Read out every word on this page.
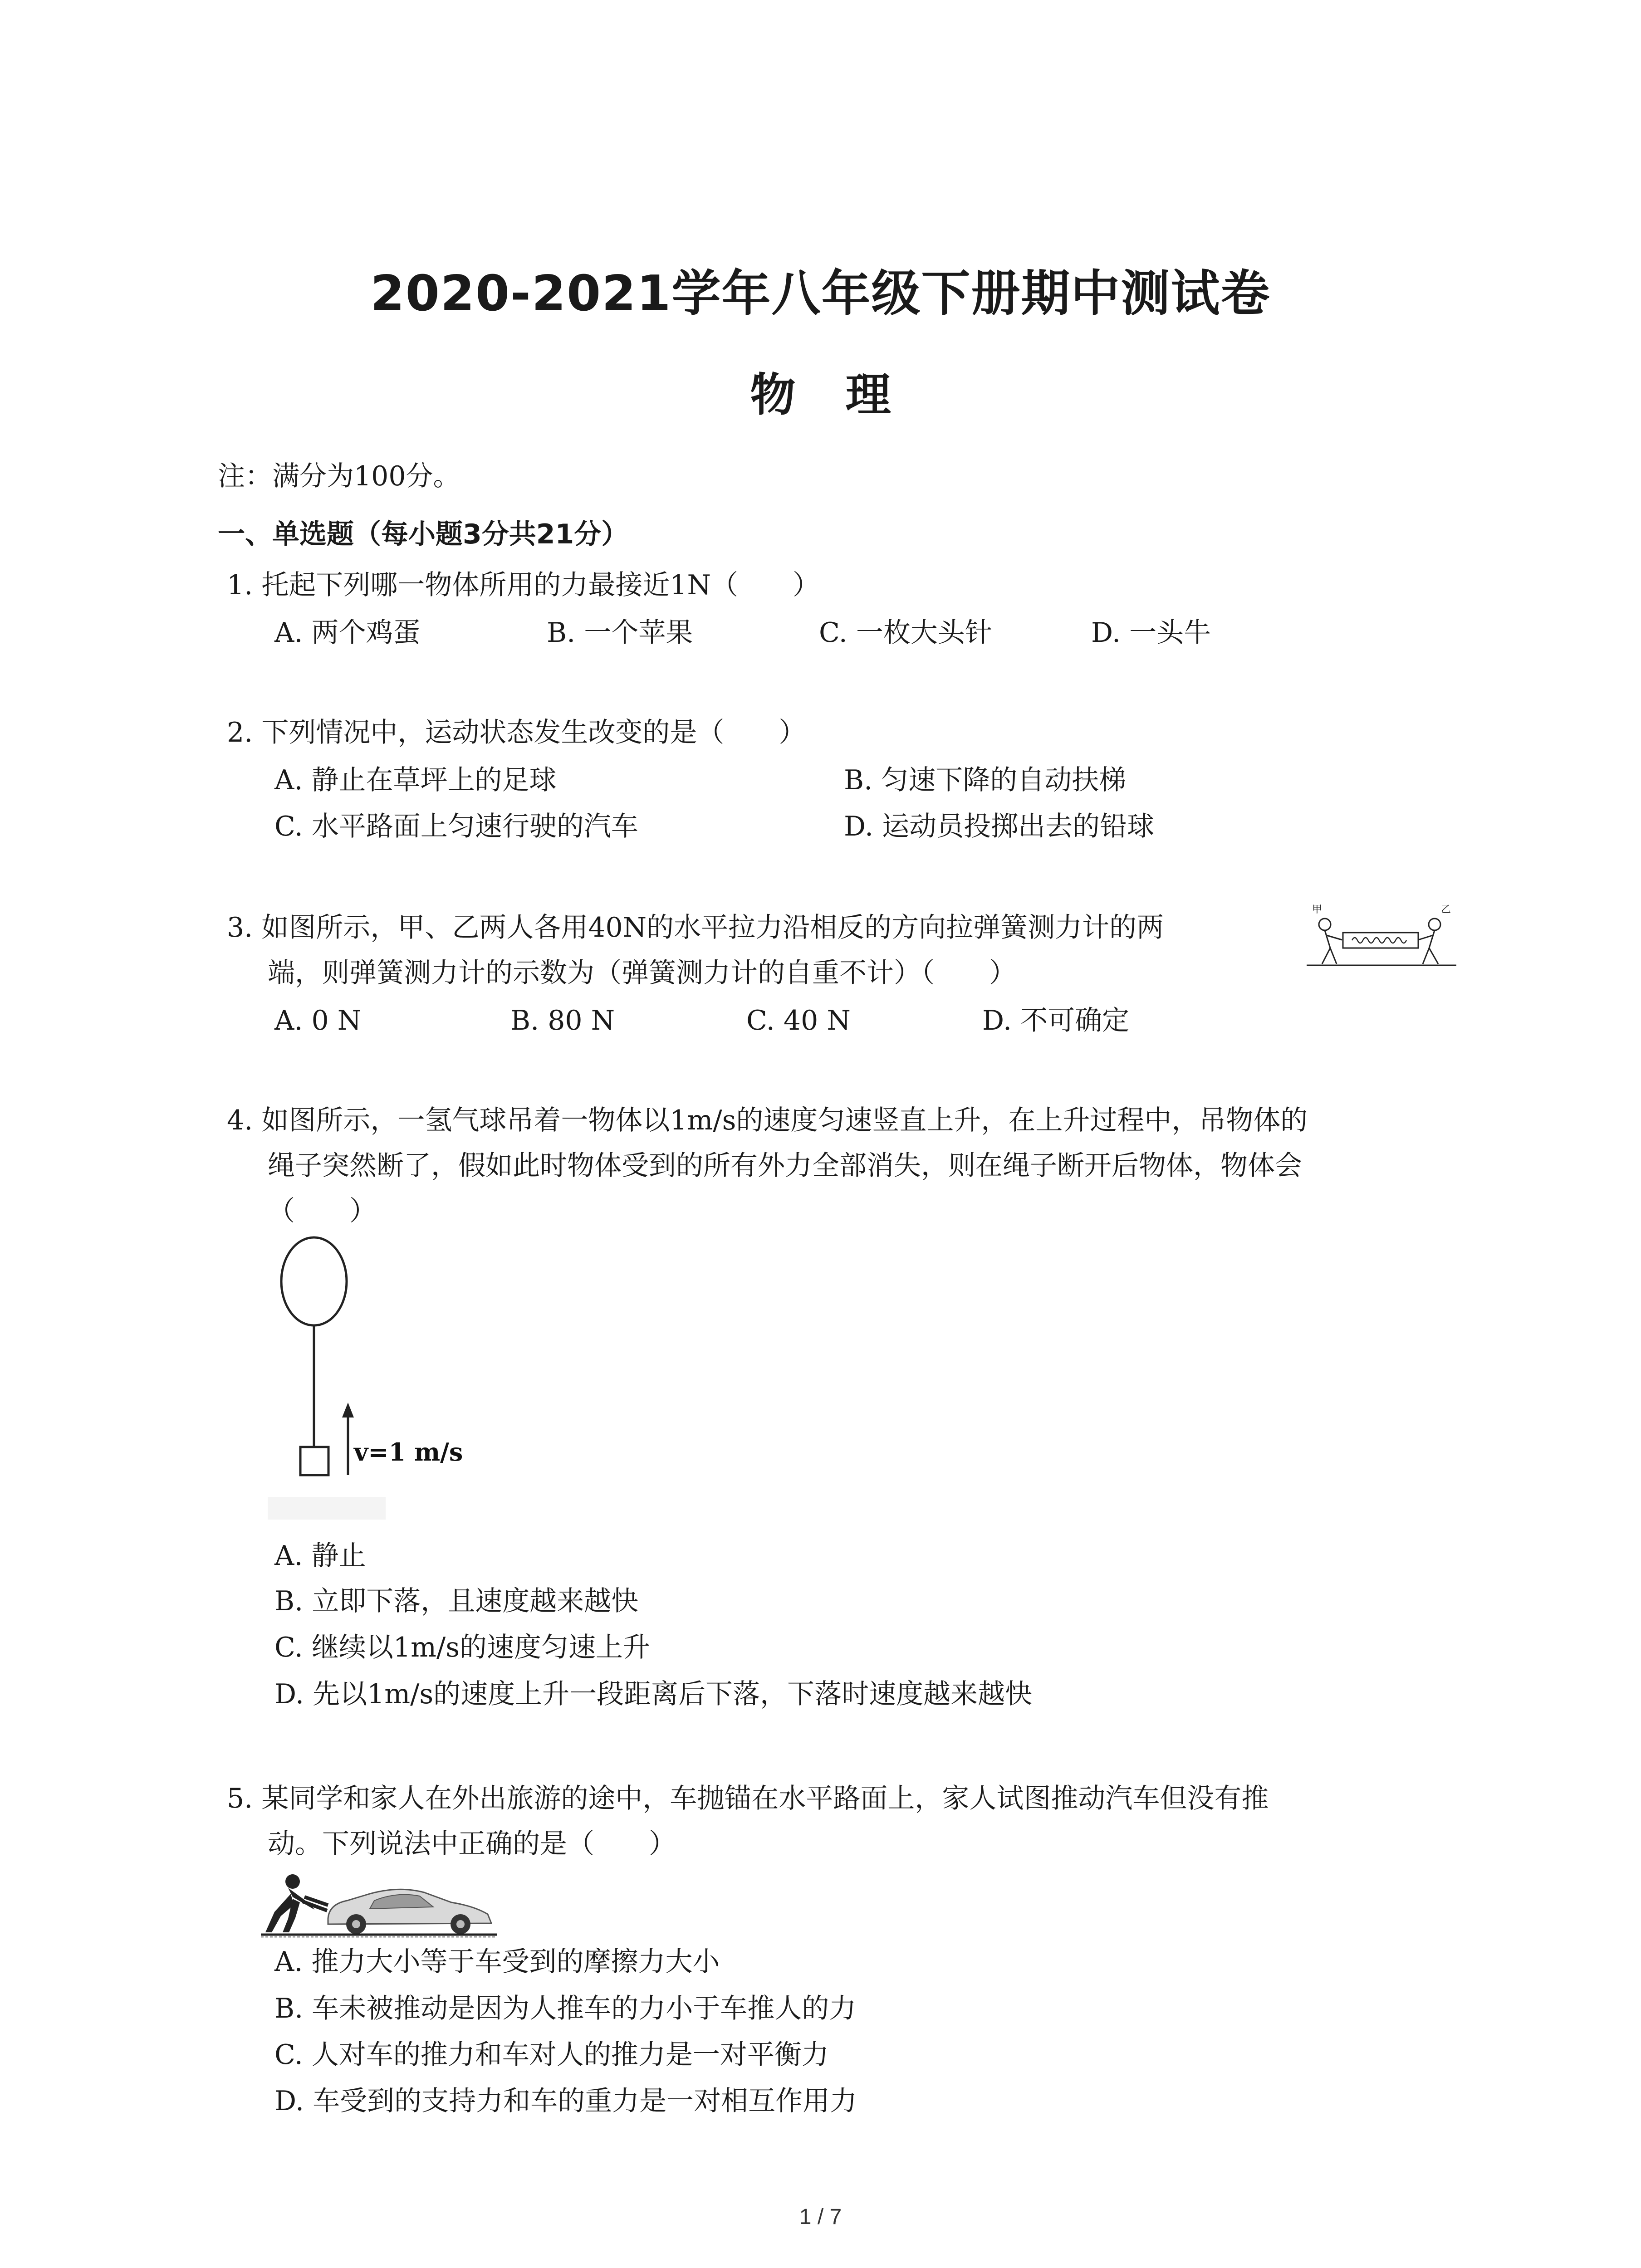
2020-2021学年八年级下册期中测试卷
物理
注：满分为100分。
一、单选题（每小题3分共21分）
1. 托起下列哪一物体所用的力最接近1N（　　）
A. 两个鸡蛋	B. 一个苹果	C. 一枚大头针	D. 一头牛
2. 下列情况中，运动状态发生改变的是（　　）
A. 静止在草坪上的足球	B. 匀速下降的自动扶梯
C. 水平路面上匀速行驶的汽车	D. 运动员投掷出去的铅球
3. 如图所示，甲、乙两人各用40N的水平拉力沿相反的方向拉弹簧测力计的两
端，则弹簧测力计的示数为（弹簧测力计的自重不计）（　　）
A. 0 N	B. 80 N	C. 40 N	D. 不可确定
甲	乙
4. 如图所示，一氢气球吊着一物体以1m/s的速度匀速竖直上升，在上升过程中，吊物体的
绳子突然断了，假如此时物体受到的所有外力全部消失，则在绳子断开后物体，物体会
（　　）
v=1 m/s
A. 静止
B. 立即下落，且速度越来越快
C. 继续以1m/s的速度匀速上升
D. 先以1m/s的速度上升一段距离后下落，下落时速度越来越快
5. 某同学和家人在外出旅游的途中，车抛锚在水平路面上，家人试图推动汽车但没有推
动。下列说法中正确的是（　　）
A. 推力大小等于车受到的摩擦力大小
B. 车未被推动是因为人推车的力小于车推人的力
C. 人对车的推力和车对人的推力是一对平衡力
D. 车受到的支持力和车的重力是一对相互作用力
1 / 7
